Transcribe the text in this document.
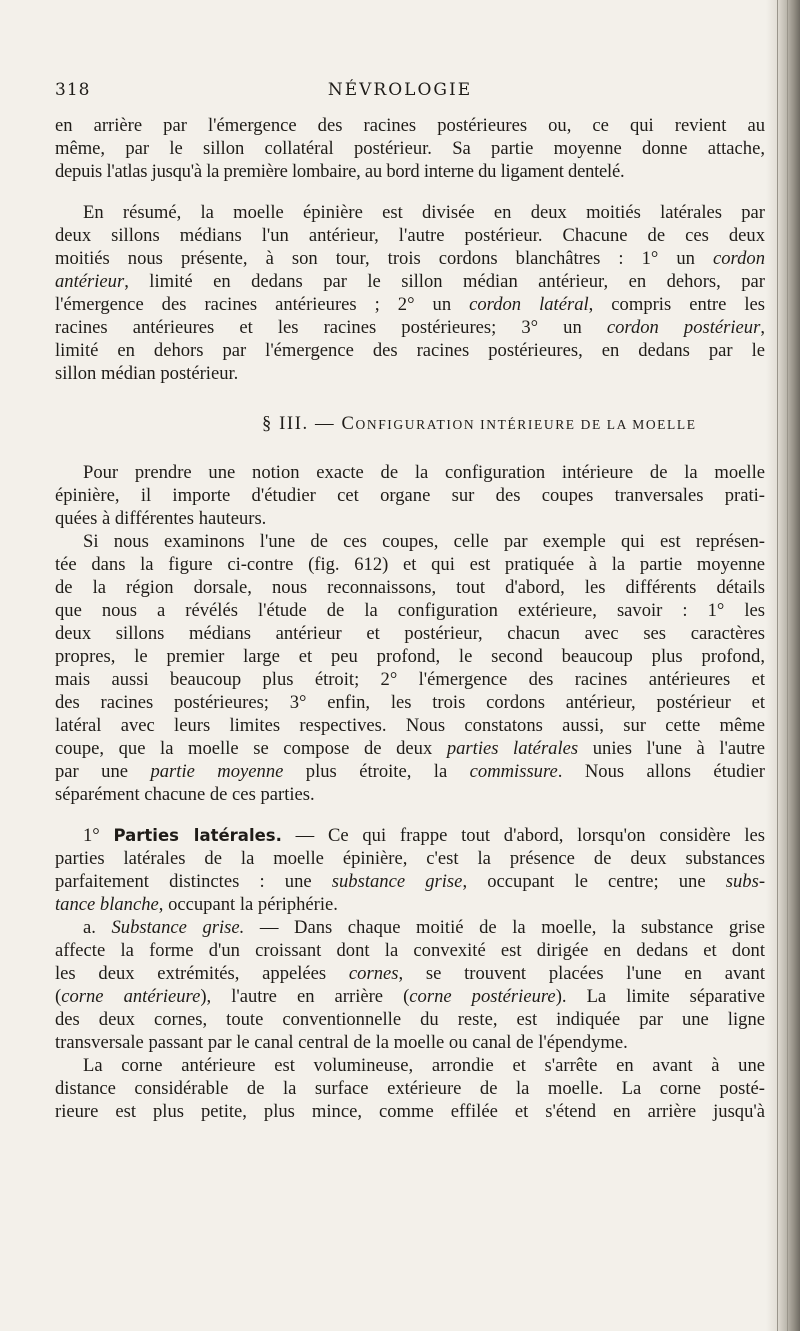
318	NÉVROLOGIE
en arrière par l'émergence des racines postérieures ou, ce qui revient au
même, par le sillon collatéral postérieur. Sa partie moyenne donne attache,
depuis l'atlas jusqu'à la première lombaire, au bord interne du ligament dentelé.
En résumé, la moelle épinière est divisée en deux moitiés latérales par
deux sillons médians l'un antérieur, l'autre postérieur. Chacune de ces deux
moitiés nous présente, à son tour, trois cordons blanchâtres : 1° un cordon
antérieur, limité en dedans par le sillon médian antérieur, en dehors, par
l'émergence des racines antérieures ; 2° un cordon latéral, compris entre les
racines antérieures et les racines postérieures; 3° un cordon postérieur,
limité en dehors par l'émergence des racines postérieures, en dedans par le
sillon médian postérieur.
§ III. — CONFIGURATION INTÉRIEURE DE LA MOELLE
Pour prendre une notion exacte de la configuration intérieure de la moelle
épinière, il importe d'étudier cet organe sur des coupes tranversales prati-
quées à différentes hauteurs.
Si nous examinons l'une de ces coupes, celle par exemple qui est représen-
tée dans la figure ci-contre (fig. 612) et qui est pratiquée à la partie moyenne
de la région dorsale, nous reconnaissons, tout d'abord, les différents détails
que nous a révélés l'étude de la configuration extérieure, savoir : 1° les
deux sillons médians antérieur et postérieur, chacun avec ses caractères
propres, le premier large et peu profond, le second beaucoup plus profond,
mais aussi beaucoup plus étroit; 2° l'émergence des racines antérieures et
des racines postérieures; 3° enfin, les trois cordons antérieur, postérieur et
latéral avec leurs limites respectives. Nous constatons aussi, sur cette même
coupe, que la moelle se compose de deux parties latérales unies l'une à l'autre
par une partie moyenne plus étroite, la commissure. Nous allons étudier
séparément chacune de ces parties.
1° Parties latérales. — Ce qui frappe tout d'abord, lorsqu'on considère les
parties latérales de la moelle épinière, c'est la présence de deux substances
parfaitement distinctes : une substance grise, occupant le centre; une subs-
tance blanche, occupant la périphérie.
a. Substance grise. — Dans chaque moitié de la moelle, la substance grise
affecte la forme d'un croissant dont la convexité est dirigée en dedans et dont
les deux extrémités, appelées cornes, se trouvent placées l'une en avant
(corne antérieure), l'autre en arrière (corne postérieure). La limite séparative
des deux cornes, toute conventionnelle du reste, est indiquée par une ligne
transversale passant par le canal central de la moelle ou canal de l'épendyme.
La corne antérieure est volumineuse, arrondie et s'arrête en avant à une
distance considérable de la surface extérieure de la moelle. La corne posté-
rieure est plus petite, plus mince, comme effilée et s'étend en arrière jusqu'à
